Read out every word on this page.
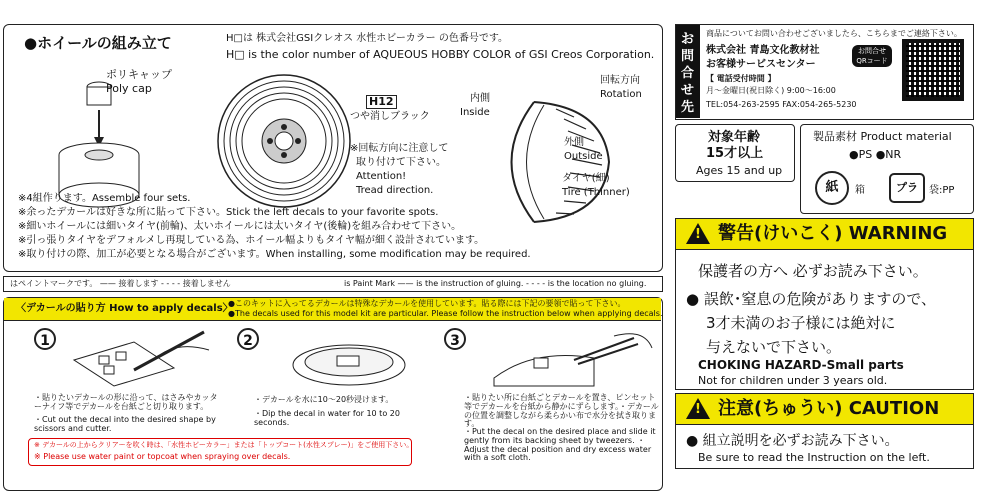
●ホイールの組み立て	H□は 株式会社GSIクレオス 水性ホビーカラー の色番号です。
H□ is the color number of AQUEOUS HOBBY COLOR of GSI Creos Corporation.
ポリキャップ
Poly cap
H12
つや消しブラック
※回転方向に注意して
取り付けて下さい。
Attention!
Tread direction.
内側
Inside
回転方向
Rotation
外側
Outside
タイヤ(細)
Tire (Thinner)
※4組作ります。Assemble four sets.
※余ったデカールは好きな所に貼って下さい。Stick the left decals to your favorite spots.
※細いホイールには細いタイヤ(前輪)、太いホイールには太いタイヤ(後輪)を組み合わせて下さい。
※引っ張りタイヤをデフォルメし再現している為、ホイール幅よりもタイヤ幅が細く設計されています。
※取り付けの際、加工が必要となる場合がございます。When installing, some modification may be required.
はペイントマークです。 —— 接着します - - - - 接着しません	is Paint Mark —— is the instruction of gluing. - - - - is the location no gluing.
〈デカールの貼り方 How to apply decals〉
●このキットに入ってるデカールは特殊なデカールを使用しています。貼る際には下記の要領で貼って下さい。
●The decals used for this model kit are particular. Please follow the instruction below when applying decals.
1	2	3
・貼りたいデカールの形に沿って、はさみやカッターナイフ等でデカールを台紙ごと切り取ります。
・Cut out the decal into the desired shape by scissors and cutter.
・デカールを水に10〜20秒浸けます。
・Dip the decal in water for 10 to 20 seconds.
・貼りたい所に台紙ごとデカールを置き、ピンセット等でデカールを台紙から静かにずらします。・デカールの位置を調整しながら柔らかい布で水分を拭き取ります。
・Put the decal on the desired place and slide it gently from its backing sheet by tweezers. ・Adjust the decal position and dry excess water with a soft cloth.
※ デカールの上からクリアーを吹く時は、「水性ホビーカラー」または「トップコート(水性スプレー)」をご使用下さい。
※ Please use water paint or topcoat when spraying over decals.
お問合せ先
商品についてお問い合わせございましたら、こちらまでご連絡下さい。
株式会社 青島文化教材社
お客様サービスセンター
【 電話受付時間 】
月〜金曜日(祝日除く) 9:00〜16:00
TEL:054-263-2595 FAX:054-265-5230
お問合せ
QRコード
対象年齢
15才以上
Ages 15 and up
製品素材 Product material
●PS ●NR
紙	箱	プラ	袋:PP
!
警告(けいこく) WARNING
保護者の方へ 必ずお読み下さい。
● 誤飲･窒息の危険がありますので、
3才未満のお子様には絶対に
与えないで下さい。
CHOKING HAZARD-Small parts
Not for children under 3 years old.
!
注意(ちゅうい) CAUTION
● 組立説明を必ずお読み下さい。
Be sure to read the Instruction on the left.
